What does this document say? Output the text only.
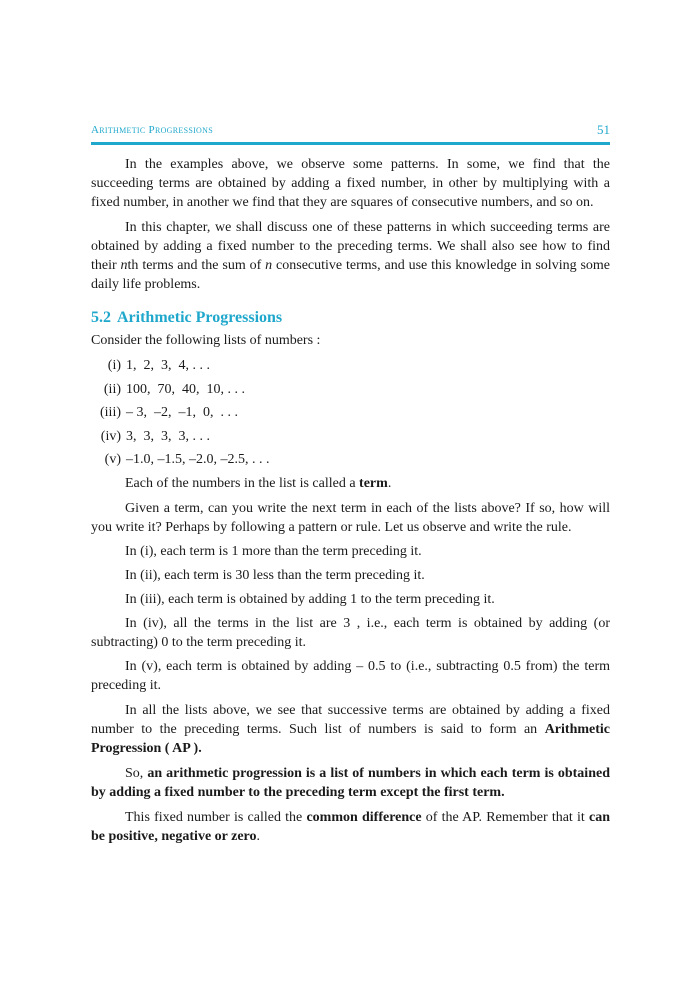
Arithmetic Progressions	51

In the examples above, we observe some patterns. In some, we find that the succeeding terms are obtained by adding a fixed number, in other by multiplying with a fixed number, in another we find that they are squares of consecutive numbers, and so on.

In this chapter, we shall discuss one of these patterns in which succeeding terms are obtained by adding a fixed number to the preceding terms. We shall also see how to find their nth terms and the sum of n consecutive terms, and use this knowledge in solving some daily life problems.

5.2 Arithmetic Progressions

Consider the following lists of numbers :

(i) 1,  2,  3,  4, . . .
(ii) 100,  70,  40,  10, . . .
(iii) – 3,  –2,  –1,  0,  . . .
(iv) 3,  3,  3,  3, . . .
(v) –1.0, –1.5, –2.0, –2.5, . . .

Each of the numbers in the list is called a term.

Given a term, can you write the next term in each of the lists above? If so, how will you write it? Perhaps by following a pattern or rule. Let us observe and write the rule.

In (i), each term is 1 more than the term preceding it.

In (ii), each term is 30 less than the term preceding it.

In (iii), each term is obtained by adding 1 to the term preceding it.

In (iv), all the terms in the list are 3 , i.e., each term is obtained by adding (or subtracting) 0 to the term preceding it.

In (v), each term is obtained by adding – 0.5 to (i.e., subtracting 0.5 from) the term preceding it.

In all the lists above, we see that successive terms are obtained by adding a fixed number to the preceding terms. Such list of numbers is said to form an Arithmetic Progression ( AP ).

So, an arithmetic progression is a list of numbers in which each term is obtained by adding a fixed number to the preceding term except the first term.

This fixed number is called the common difference of the AP. Remember that it can be positive, negative or zero.
